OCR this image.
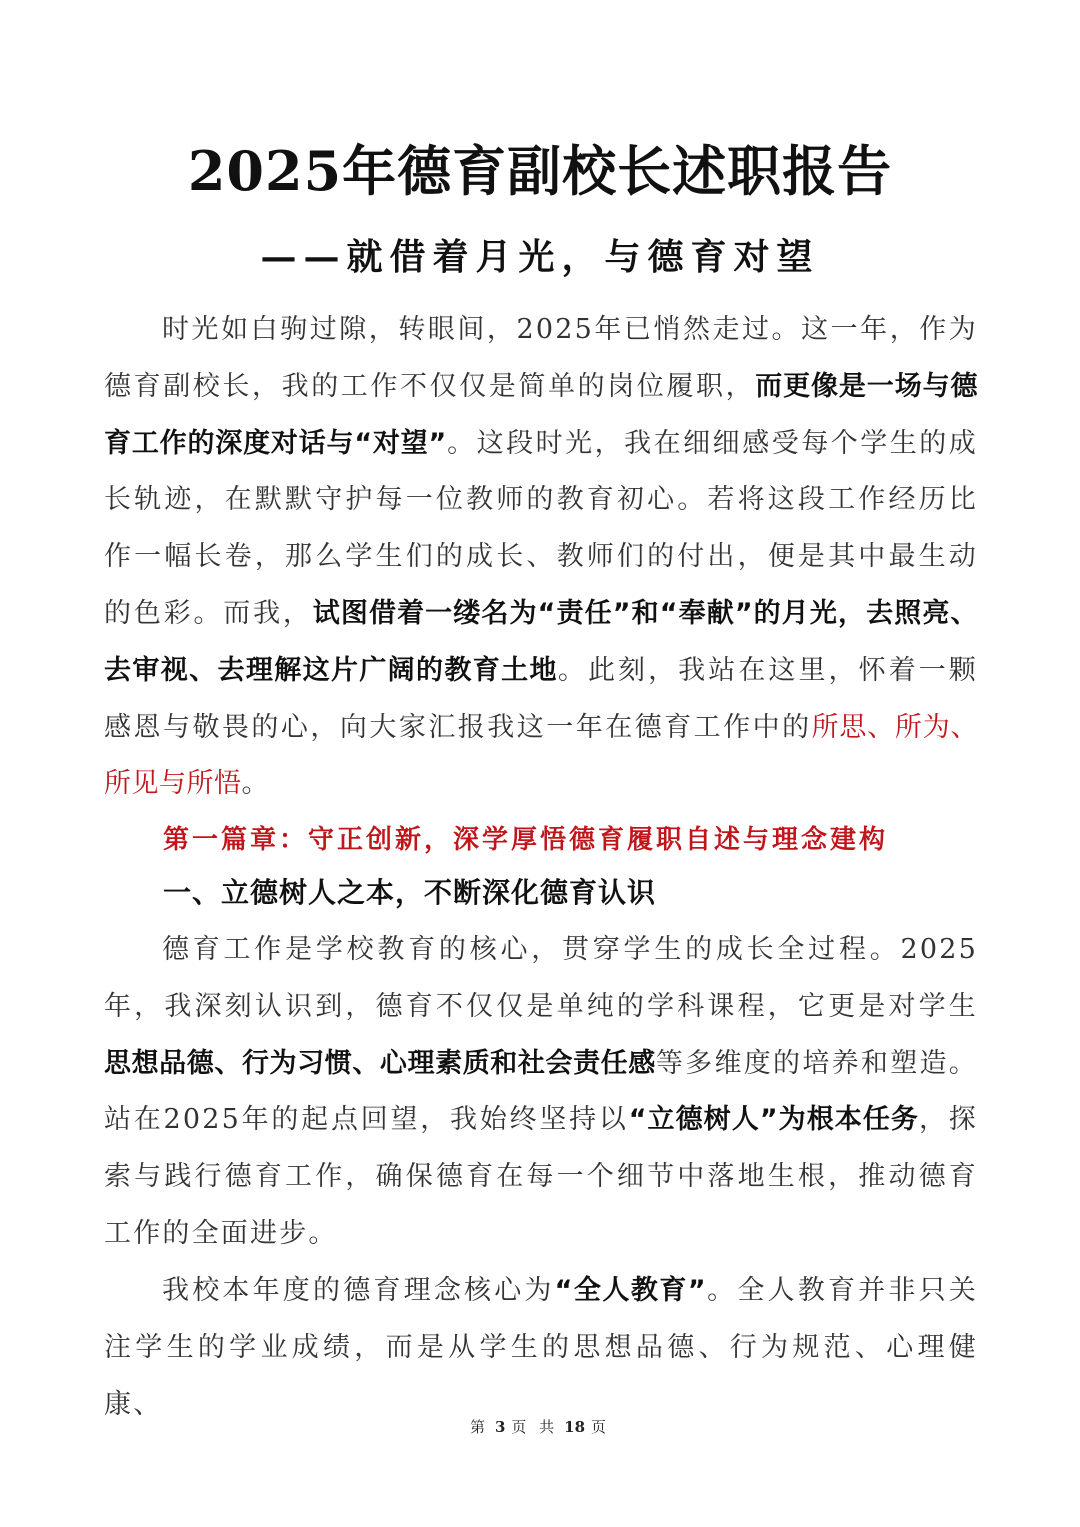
2025年德育副校长述职报告
——就借着月光，与德育对望
时光如白驹过隙，转眼间，2025年已悄然走过。这一年，作为德育副校长，我的工作不仅仅是简单的岗位履职，而更像是一场与德育工作的深度对话与“对望”。这段时光，我在细细感受每个学生的成长轨迹，在默默守护每一位教师的教育初心。若将这段工作经历比作一幅长卷，那么学生们的成长、教师们的付出，便是其中最生动的色彩。而我，试图借着一缕名为“责任”和“奉献”的月光，去照亮、去审视、去理解这片广阔的教育土地。此刻，我站在这里，怀着一颗感恩与敬畏的心，向大家汇报我这一年在德育工作中的所思、所为、所见与所悟。
第一篇章：守正创新，深学厚悟德育履职自述与理念建构
一、立德树人之本，不断深化德育认识
德育工作是学校教育的核心，贯穿学生的成长全过程。2025年，我深刻认识到，德育不仅仅是单纯的学科课程，它更是对学生思想品德、行为习惯、心理素质和社会责任感等多维度的培养和塑造。站在2025年的起点回望，我始终坚持以“立德树人”为根本任务，探索与践行德育工作，确保德育在每一个细节中落地生根，推动德育工作的全面进步。
我校本年度的德育理念核心为“全人教育”。全人教育并非只关注学生的学业成绩，而是从学生的思想品德、行为规范、心理健康、
第 3 页 共 18 页
